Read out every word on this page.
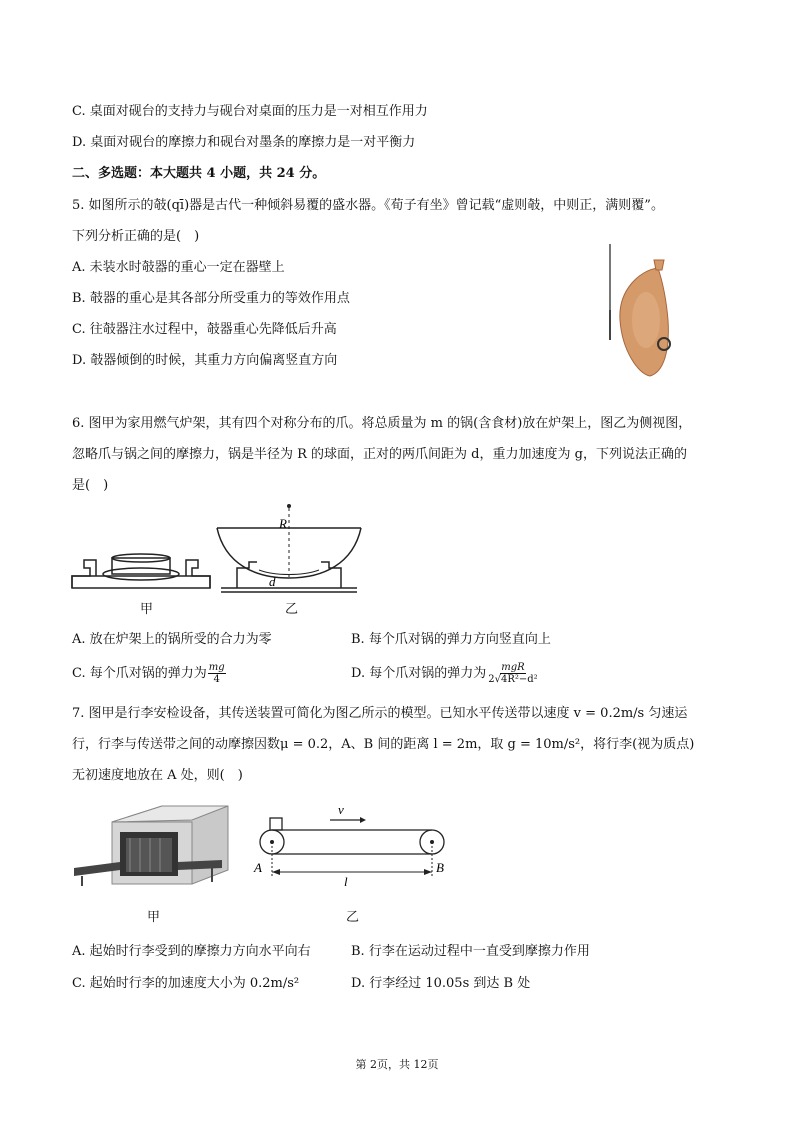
C. 桌面对砚台的支持力与砚台对桌面的压力是一对相互作用力
D. 桌面对砚台的摩擦力和砚台对墨条的摩擦力是一对平衡力
二、多选题：本大题共 4 小题，共 24 分。
5. 如图所示的攲(qī)器是古代一种倾斜易覆的盛水器。《荀子有坐》曾记载“虚则攲，中则正，满则覆”。
下列分析正确的是(　)
A. 未装水时攲器的重心一定在器壁上
B. 攲器的重心是其各部分所受重力的等效作用点
C. 往攲器注水过程中，攲器重心先降低后升高
D. 攲器倾倒的时候，其重力方向偏离竖直方向
6. 图甲为家用燃气炉架，其有四个对称分布的爪。将总质量为 m 的锅(含食材)放在炉架上，图乙为侧视图，
忽略爪与锅之间的摩擦力，锅是半径为 R 的球面，正对的两爪间距为 d，重力加速度为 g，下列说法正确的
是(　)
甲
R
d
乙
A. 放在炉架上的锅所受的合力为零	B. 每个爪对锅的弹力方向竖直向上
C. 每个爪对锅的弹力为 $\frac{mg}{4}$	D. 每个爪对锅的弹力为 $\frac{\text{mgR}}{\text{2√4R²−d²}}$
7. 图甲是行李安检设备，其传送装置可简化为图乙所示的模型。已知水平传送带以速度 v = 0.2m/s 匀速运
行，行李与传送带之间的动摩擦因数μ = 0.2，A、B 间的距离 l = 2m，取 g = 10m/s²，将行李(视为质点)
无初速度地放在 A 处，则(　)
甲
v
A	B
l
乙
A. 起始时行李受到的摩擦力方向水平向右	B. 行李在运动过程中一直受到摩擦力作用
C. 起始时行李的加速度大小为 0.2m/s²	D. 行李经过 10.05s 到达 B 处
第 2页，共 12页
